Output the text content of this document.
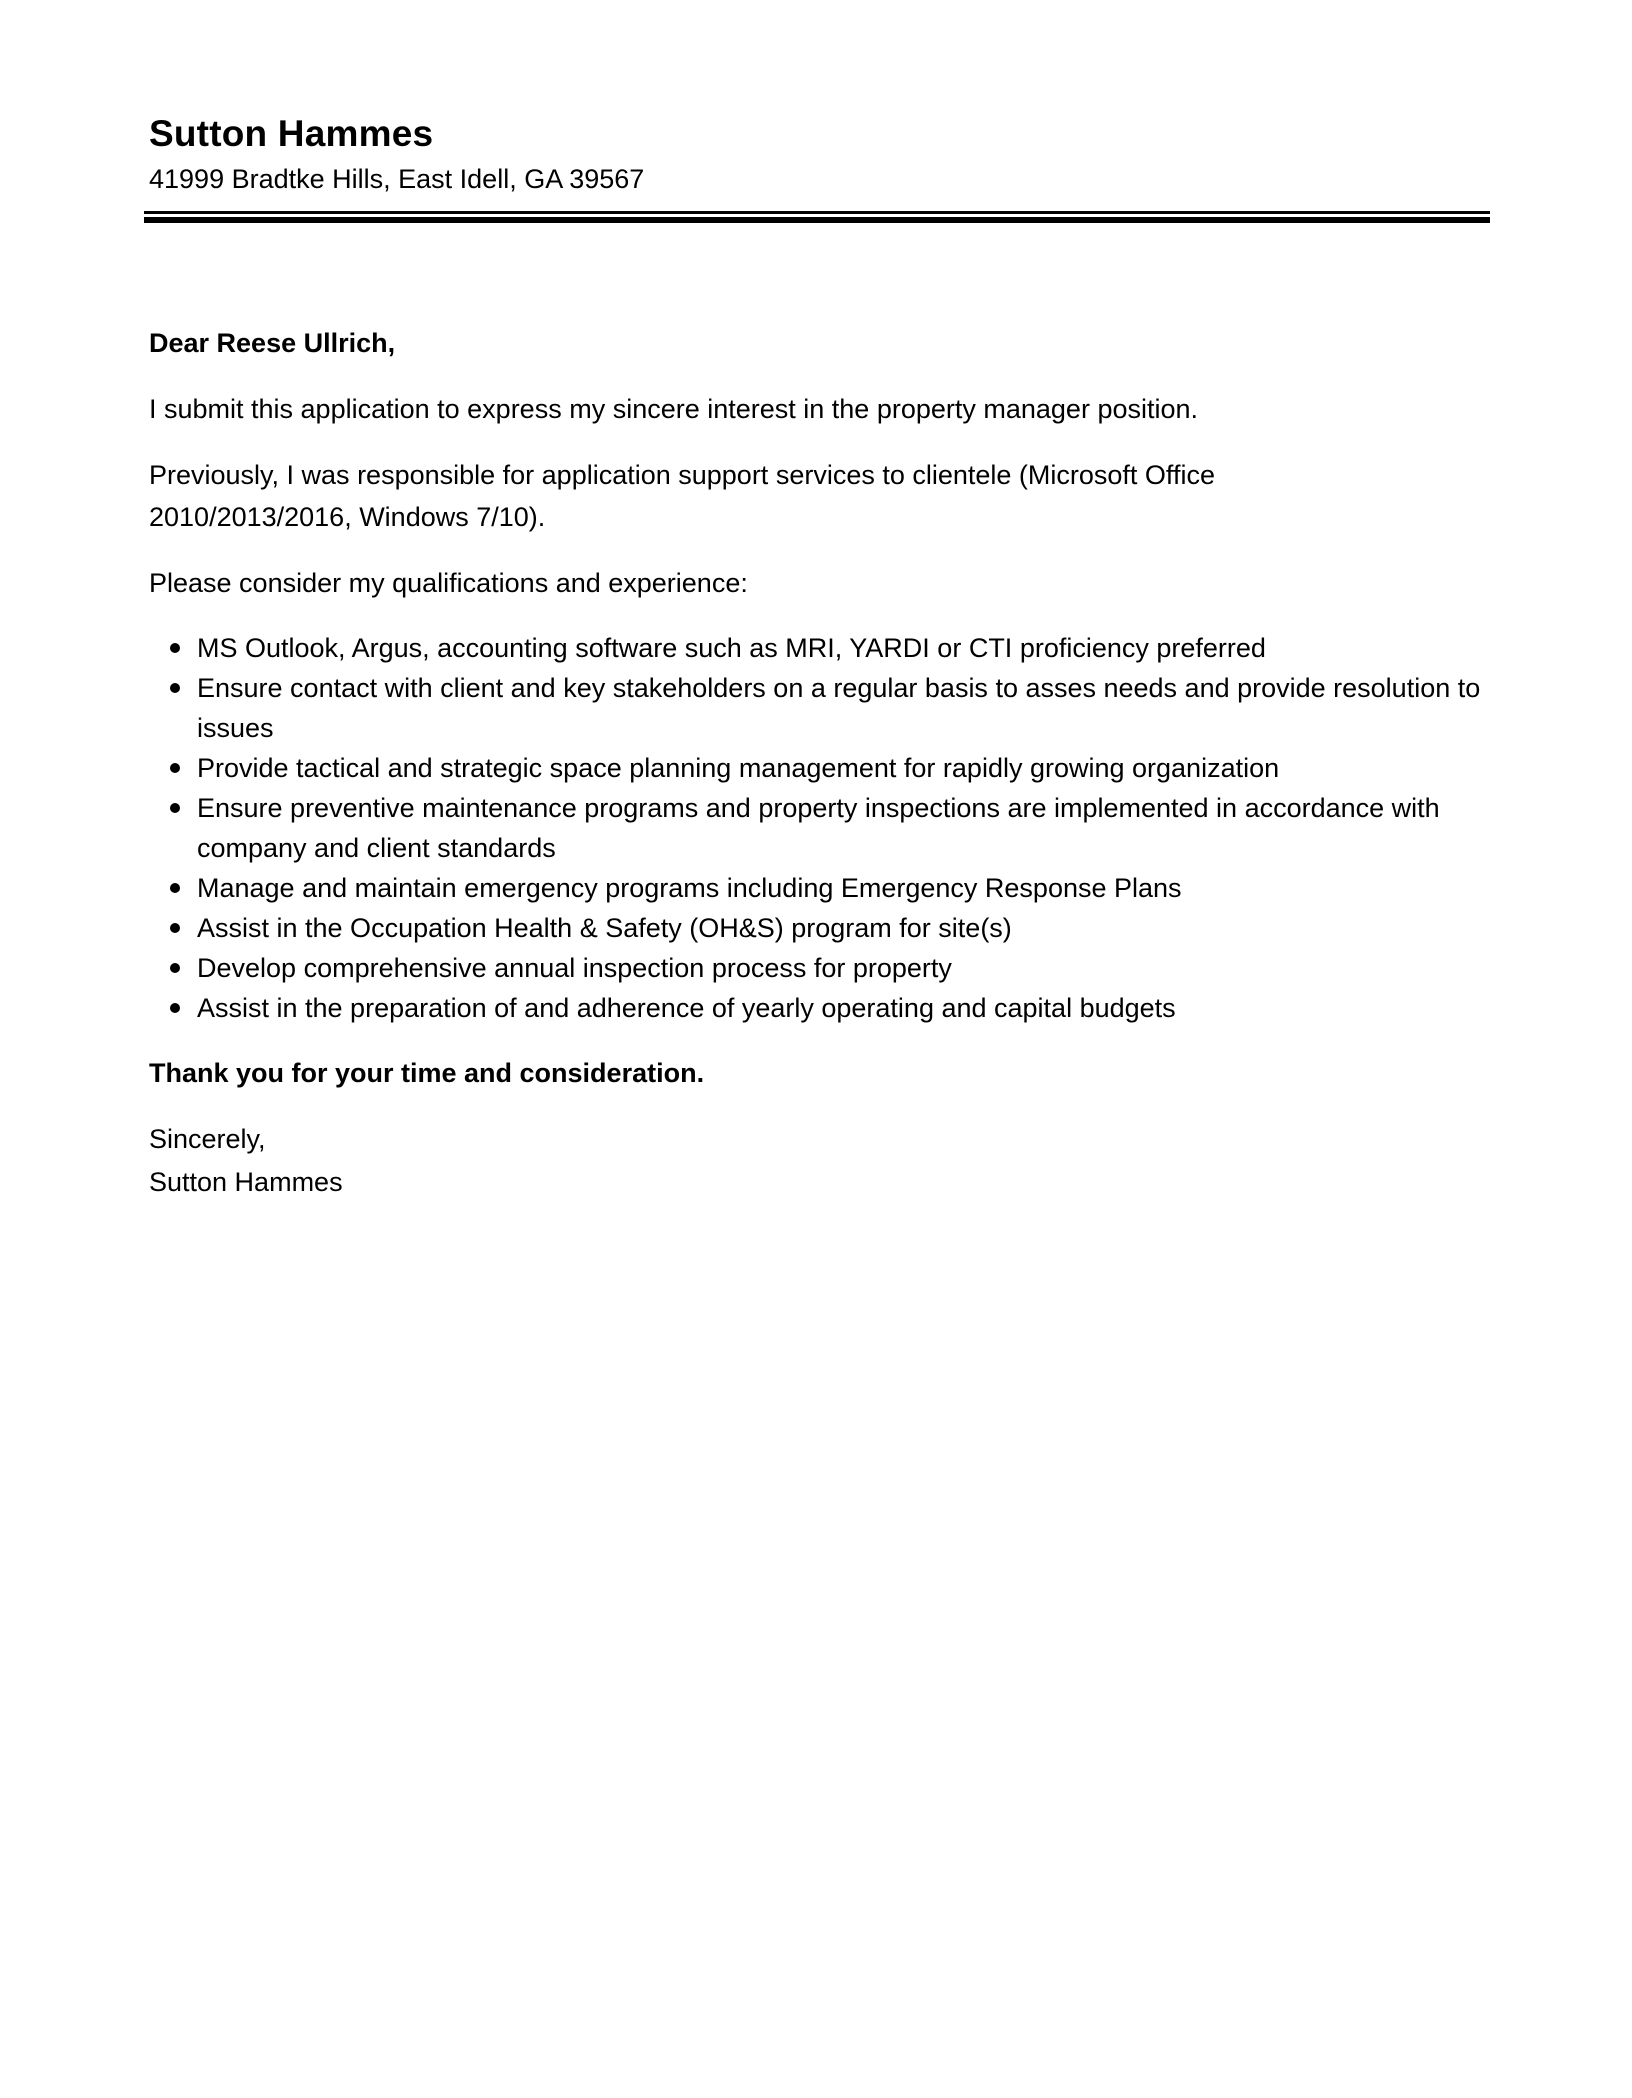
Sutton Hammes
41999 Bradtke Hills, East Idell, GA 39567

Dear Reese Ullrich,

I submit this application to express my sincere interest in the property manager position.

Previously, I was responsible for application support services to clientele (Microsoft Office 2010/2013/2016, Windows 7/10).

Please consider my qualifications and experience:

MS Outlook, Argus, accounting software such as MRI, YARDI or CTI proficiency preferred
Ensure contact with client and key stakeholders on a regular basis to asses needs and provide resolution to issues
Provide tactical and strategic space planning management for rapidly growing organization
Ensure preventive maintenance programs and property inspections are implemented in accordance with company and client standards
Manage and maintain emergency programs including Emergency Response Plans
Assist in the Occupation Health & Safety (OH&S) program for site(s)
Develop comprehensive annual inspection process for property
Assist in the preparation of and adherence of yearly operating and capital budgets

Thank you for your time and consideration.

Sincerely,

Sutton Hammes
